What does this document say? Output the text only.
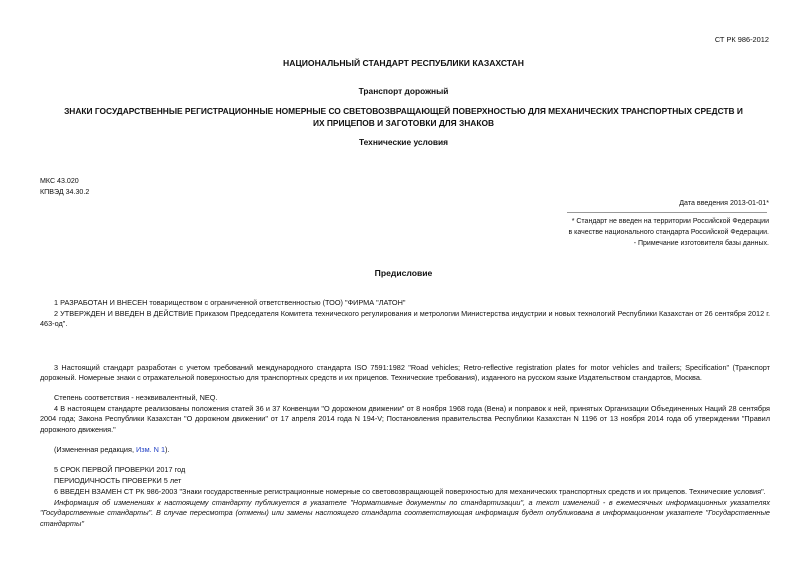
СТ РК 986-2012
НАЦИОНАЛЬНЫЙ СТАНДАРТ РЕСПУБЛИКИ КАЗАХСТАН
Транспорт дорожный
ЗНАКИ ГОСУДАРСТВЕННЫЕ РЕГИСТРАЦИОННЫЕ НОМЕРНЫЕ СО СВЕТОВОЗВРАЩАЮЩЕЙ ПОВЕРХНОСТЬЮ ДЛЯ МЕХАНИЧЕСКИХ ТРАНСПОРТНЫХ СРЕДСТВ И
ИХ ПРИЦЕПОВ И ЗАГОТОВКИ ДЛЯ ЗНАКОВ
Технические условия
МКС 43.020
КПВЭД 34.30.2
Дата введения 2013-01-01*
* Стандарт не введен на территории Российской Федерации
в качестве национального стандарта Российской Федерации.
- Примечание изготовителя базы данных.
Предисловие
1 РАЗРАБОТАН И ВНЕСЕН товариществом с ограниченной ответственностью (ТОО) "ФИРМА "ЛАТОН"
2 УТВЕРЖДЕН И ВВЕДЕН В ДЕЙСТВИЕ Приказом Председателя Комитета технического регулирования и метрологии Министерства индустрии и новых технологий Республики Казахстан от 26 сентября 2012 г. 463-од".
3 Настоящий стандарт разработан с учетом требований международного стандарта ISO 7591:1982 "Road vehicles; Retro-reflective registration plates for motor vehicles and trailers; Specification" (Транспорт дорожный. Номерные знаки с отражательной поверхностью для транспортных средств и их прицепов. Технические требования), изданного на русском языке Издательством стандартов, Москва.
Степень соответствия - неэквивалентный, NEQ.
4 В настоящем стандарте реализованы положения статей 36 и 37 Конвенции "О дорожном движении" от 8 ноября 1968 года (Вена) и поправок к ней, принятых Организации Объединенных Наций 28 сентября 2004 года; Закона Республики Казахстан "О дорожном движении" от 17 апреля 2014 года N 194-V; Постановления правительства Республики Казахстан N 1196 от 13 ноября 2014 года об утверждении "Правил дорожного движения."
(Измененная редакция, Изм. N 1).
5 СРОК ПЕРВОЙ ПРОВЕРКИ 2017 год
ПЕРИОДИЧНОСТЬ ПРОВЕРКИ 5 лет
6 ВВЕДЕН ВЗАМЕН СТ РК 986-2003 "Знаки государственные регистрационные номерные со световозвращающей поверхностью для механических транспортных средств и их прицепов. Технические условия".
Информация об изменениях к настоящему стандарту публикуется в указателе "Нормативные документы по стандартизации", а текст изменений - в ежемесячных информационных указателях "Государственные стандарты". В случае пересмотра (отмены) или замены настоящего стандарта соответствующая информация будет опубликована в информационном указателе "Государственные стандарты"
